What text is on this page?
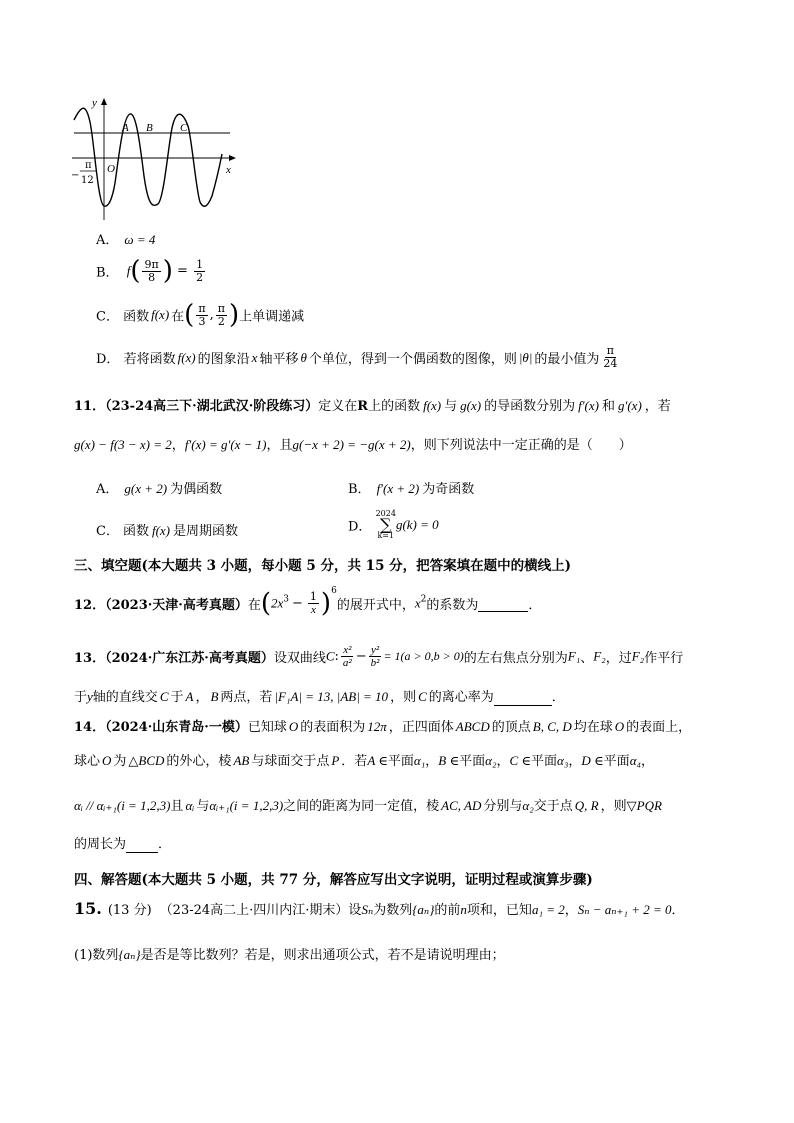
y
x
O
A B C
−
π
12
A． ω = 4
B． $f( \frac{9\pi}{8}$ ) = $\frac{1}{2}$
C． 函数 f(x) 在( $\frac{\pi}{3}$ , $\frac{\pi}{2}$ )上单调递减
D． 若将函数 f(x) 的图象沿 x 轴平移 θ 个单位，得到一个偶函数的图像，则 |θ| 的最小值为 $\frac{\pi}{24}$
11．（23-24高三下·湖北武汉·阶段练习）定义在R上的函数 f(x) 与 g(x) 的导函数分别为 f′(x) 和 g′(x) ，若
g(x) − f(3 − x) = 2，f′(x) = g′(x − 1)，且g(−x + 2) = −g(x + 2)，则下列说法中一定正确的是（　　）
A． g(x + 2) 为偶函数	B． f′(x + 2) 为奇函数
C． 函数 f(x) 是周期函数	D．
2024
∑
k=1
g(k) = 0
三、填空题(本大题共 3 小题，每小题 5 分，共 15 分，把答案填在题中的横线上)
12．（2023·天津·高考真题）在$(2x^3 - \frac{1}{x} )^6$的展开式中，$x^2$的系数为	．
13．（2024·广东江苏·高考真题）设双曲线C: $\frac{\text{x²}}{\text{a²}} - \frac{\text{y²}}{\text{b²}} = 1(a > 0,b > 0)$的左右焦点分别为F₁、F₂，过F₂作平行
于y轴的直线交 C 于 A ， B 两点，若 |F₁A| = 13, |AB| = 10 ，则 C 的离心率为	．
14．（2024·山东青岛·一模）已知球 O 的表面积为 12π ，正四面体 ABCD 的顶点 B, C, D 均在球 O 的表面上，
球心 O 为 △BCD 的外心，棱 AB 与球面交于点 P ．若A ∈平面α₁，B ∈平面α₂，C ∈平面α₃，D ∈平面α₄，
αᵢ // αᵢ₊₁(i = 1,2,3)且 αᵢ 与αᵢ₊₁(i = 1,2,3)之间的距离为同一定值，棱 AC, AD 分别与α₂交于点 Q, R ，则▽PQR
的周长为 ．
四、解答题(本大题共 5 小题，共 77 分，解答应写出文字说明，证明过程或演算步骤)
15. (13 分) （23-24高二上·四川内江·期末）设Sₙ为数列{aₙ}的前n项和，已知a₁ = 2，Sₙ − aₙ₊₁ + 2 = 0．
(1)数列{aₙ}是否是等比数列？若是，则求出通项公式，若不是请说明理由；
